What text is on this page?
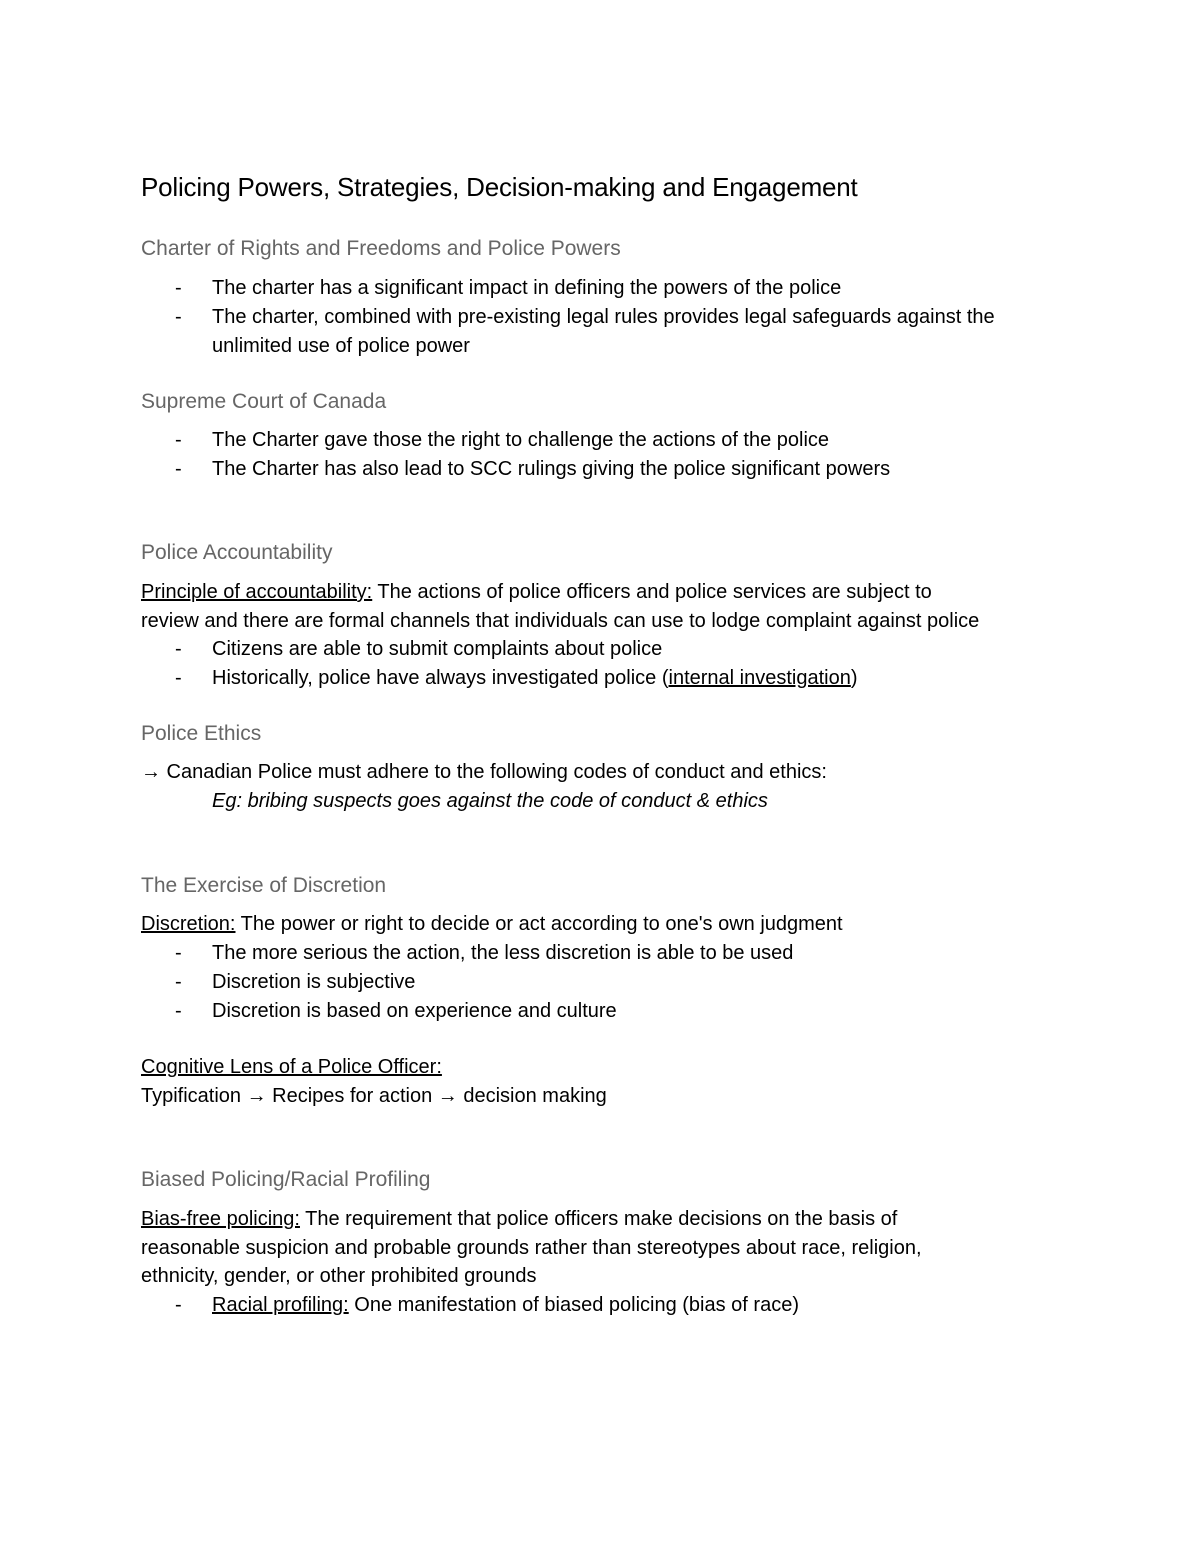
Policing Powers, Strategies, Decision-making and Engagement
Charter of Rights and Freedoms and Police Powers
- The charter has a significant impact in defining the powers of the police
- The charter, combined with pre-existing legal rules provides legal safeguards against the
unlimited use of police power
Supreme Court of Canada
- The Charter gave those the right to challenge the actions of the police
- The Charter has also lead to SCC rulings giving the police significant powers
Police Accountability

Principle of accountability: The actions of police officers and police services are subject to

review and there are formal channels that individuals can use to lodge complaint against police

- Citizens are able to submit complaints about police
- Historically, police have always investigated police (internal investigation)
Police Ethics

→ Canadian Police must adhere to the following codes of conduct and ethics:

Eg: bribing suspects goes against the code of conduct & ethics
The Exercise of Discretion

Discretion: The power or right to decide or act according to one's own judgment

- The more serious the action, the less discretion is able to be used
- Discretion is subjective
- Discretion is based on experience and culture

Cognitive Lens of a Police Officer:

Typification → Recipes for action → decision making

Biased Policing/Racial Profiling

Bias-free policing: The requirement that police officers make decisions on the basis of

reasonable suspicion and probable grounds rather than stereotypes about race, religion,

ethnicity, gender, or other prohibited grounds

- Racial profiling: One manifestation of biased policing (bias of race)
